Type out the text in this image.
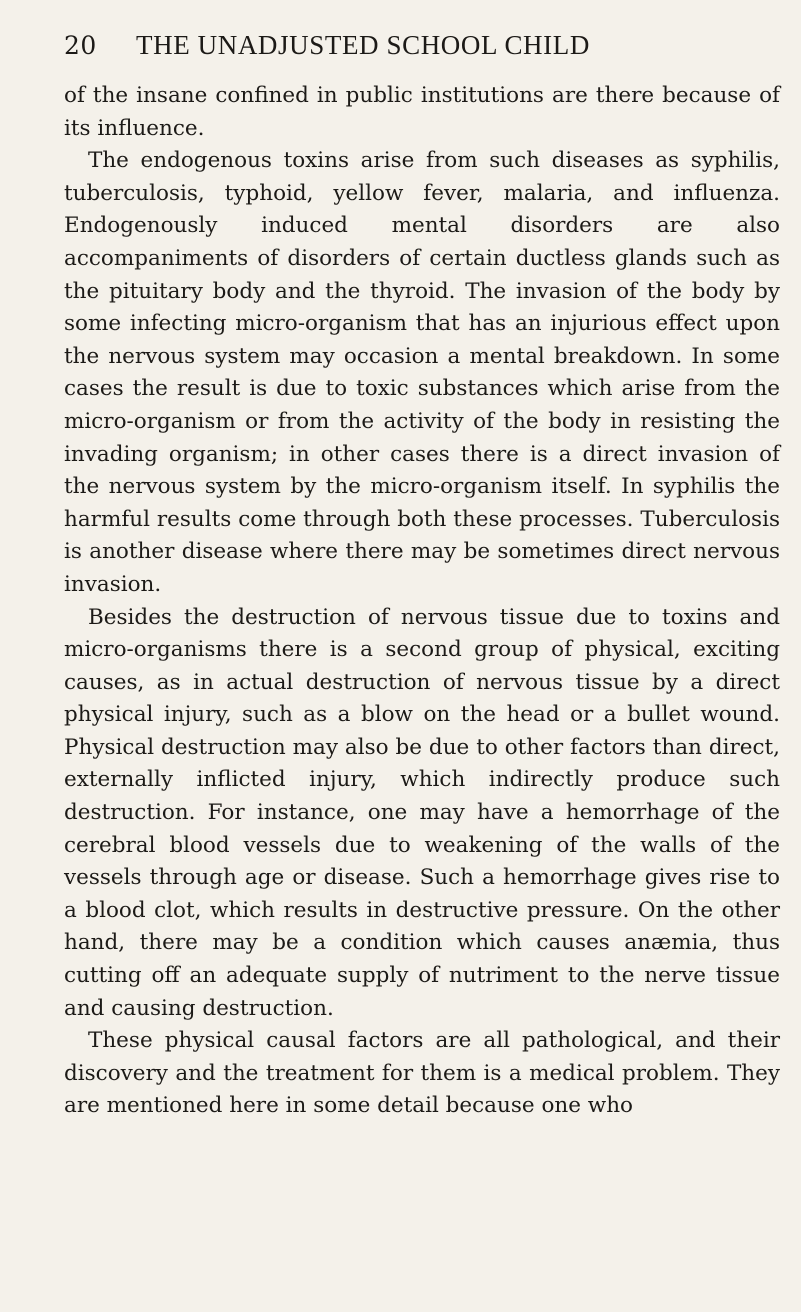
20	THE UNADJUSTED SCHOOL CHILD

of the insane confined in public institutions are there because of its influence.

The endogenous toxins arise from such diseases as syphilis, tuberculosis, typhoid, yellow fever, malaria, and influenza. Endogenously induced mental disorders are also accompaniments of disorders of certain ductless glands such as the pituitary body and the thyroid. The invasion of the body by some infecting micro-organism that has an injurious effect upon the nervous system may occasion a mental breakdown. In some cases the result is due to toxic substances which arise from the micro-organism or from the activity of the body in resisting the invading organism; in other cases there is a direct invasion of the nervous system by the micro-organism itself. In syphilis the harmful results come through both these processes. Tuberculosis is another disease where there may be sometimes direct nervous invasion.

Besides the destruction of nervous tissue due to toxins and micro-organisms there is a second group of physical, exciting causes, as in actual destruction of nervous tissue by a direct physical injury, such as a blow on the head or a bullet wound. Physical destruction may also be due to other factors than direct, externally inflicted injury, which indirectly produce such destruction. For instance, one may have a hemorrhage of the cerebral blood vessels due to weakening of the walls of the vessels through age or disease. Such a hemorrhage gives rise to a blood clot, which results in destructive pressure. On the other hand, there may be a condition which causes anæmia, thus cutting off an adequate supply of nutriment to the nerve tissue and causing destruction.

These physical causal factors are all pathological, and their discovery and the treatment for them is a medical problem. They are mentioned here in some detail because one who
